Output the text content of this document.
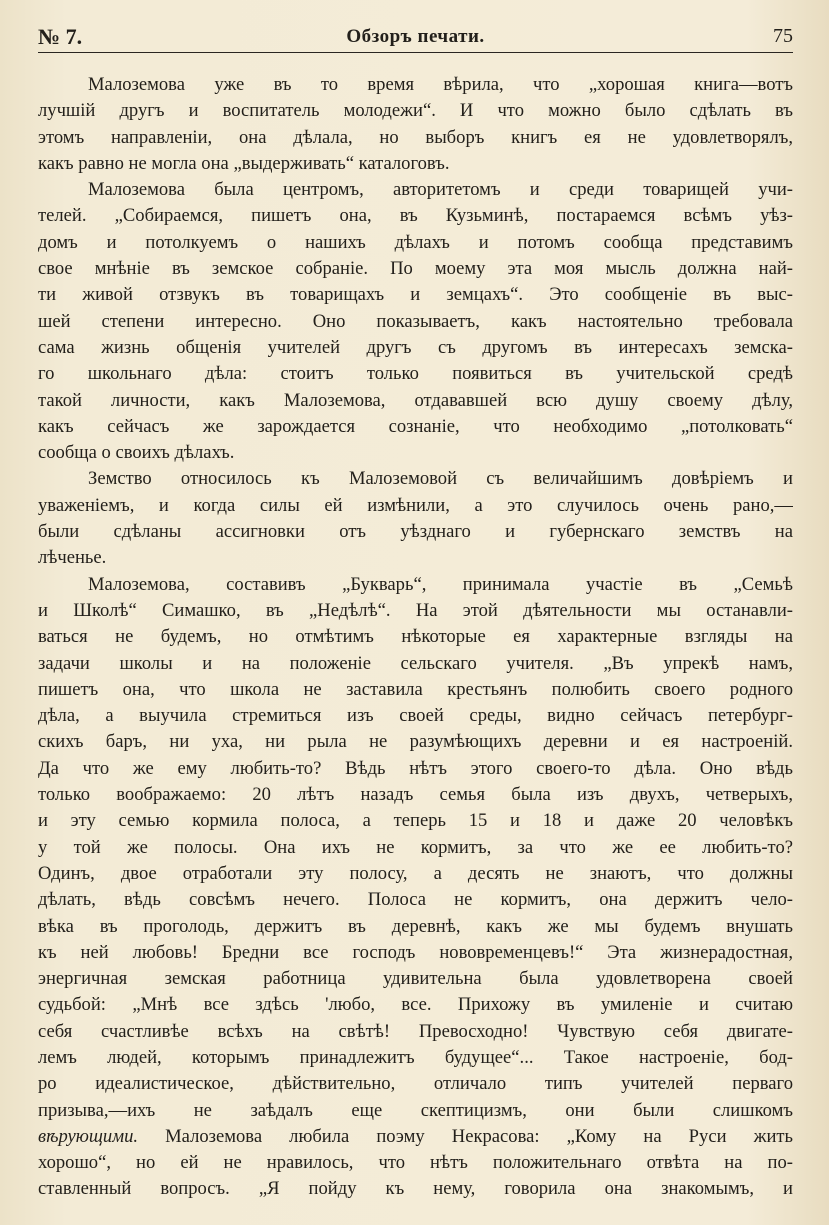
№ 7.	Обзоръ печати.	75
Малоземова уже въ то время вѣрила, что „хорошая книга—вотъ
лучшій другъ и воспитатель молодежи“. И что можно было сдѣлать въ
этомъ направленіи, она дѣлала, но выборъ книгъ ея не удовлетворялъ,
какъ равно не могла она „выдерживать“ каталоговъ.
Малоземова была центромъ, авторитетомъ и среди товарищей учи-
телей. „Собираемся, пишетъ она, въ Кузьминѣ, постараемся всѣмъ уѣз-
домъ и потолкуемъ о нашихъ дѣлахъ и потомъ сообща представимъ
свое мнѣніе въ земское собраніе. По моему эта моя мысль должна най-
ти живой отзвукъ въ товарищахъ и земцахъ“. Это сообщеніе въ выс-
шей степени интересно. Оно показываетъ, какъ настоятельно требовала
сама жизнь общенія учителей другъ съ другомъ въ интересахъ земска-
го школьнаго дѣла: стоитъ только появиться въ учительской средѣ
такой личности, какъ Малоземова, отдававшей всю душу своему дѣлу,
какъ сейчасъ же зарождается сознаніе, что необходимо „потолковать“
сообща о своихъ дѣлахъ.
Земство относилось къ Малоземовой съ величайшимъ довѣріемъ и
уваженіемъ, и когда силы ей измѣнили, а это случилось очень рано,—
были сдѣланы ассигновки отъ уѣзднаго и губернскаго земствъ на
лѣченье.
Малоземова, составивъ „Букварь“, принимала участіе въ „Семьѣ
и Школѣ“ Симашко, въ „Недѣлѣ“. На этой дѣятельности мы останавли-
ваться не будемъ, но отмѣтимъ нѣкоторые ея характерные взгляды на
задачи школы и на положеніе сельскаго учителя. „Въ упрекѣ намъ,
пишетъ она, что школа не заставила крестьянъ полюбить своего родного
дѣла, а выучила стремиться изъ своей среды, видно сейчасъ петербург-
скихъ баръ, ни уха, ни рыла не разумѣющихъ деревни и ея настроеній.
Да что же ему любить-то? Вѣдь нѣтъ этого своего-то дѣла. Оно вѣдь
только воображаемо: 20 лѣтъ назадъ семья была изъ двухъ, четверыхъ,
и эту семью кормила полоса, а теперь 15 и 18 и даже 20 человѣкъ
у той же полосы. Она ихъ не кормитъ, за что же ее любить-то?
Одинъ, двое отработали эту полосу, а десять не знаютъ, что должны
дѣлать, вѣдь совсѣмъ нечего. Полоса не кормитъ, она держитъ чело-
вѣка въ проголодь, держитъ въ деревнѣ, какъ же мы будемъ внушать
къ ней любовь! Бредни все господъ нововременцевъ!“ Эта жизнерадостная,
энергичная земская работница удивительна была удовлетворена своей
судьбой: „Мнѣ все здѣсь 'любо, все. Прихожу въ умиленіе и считаю
себя счастливѣе всѣхъ на свѣтѣ! Превосходно! Чувствую себя двигате-
лемъ людей, которымъ принадлежитъ будущее“... Такое настроеніе, бод-
ро идеалистическое, дѣйствительно, отличало типъ учителей перваго
призыва,—ихъ не заѣдалъ еще скептицизмъ, они были слишкомъ
вѣрующими. Малоземова любила поэму Некрасова: „Кому на Руси жить
хорошо“, но ей не нравилось, что нѣтъ положительнаго отвѣта на по-
ставленный вопросъ. „Я пойду къ нему, говорила она знакомымъ, и
